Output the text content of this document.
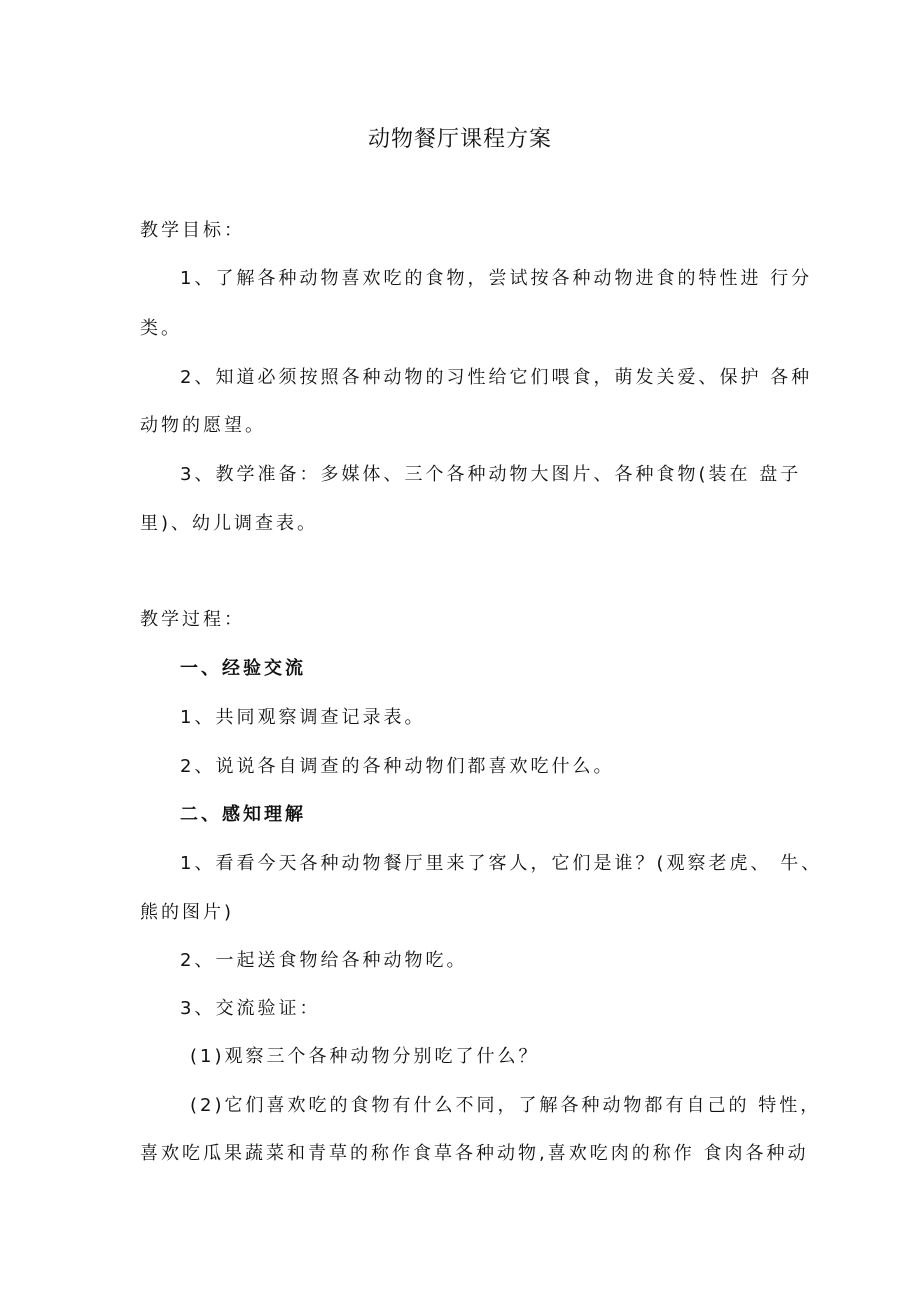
动物餐厅课程方案
教学目标：
1、了解各种动物喜欢吃的食物，尝试按各种动物进食的特性进 行分
类。
2、知道必须按照各种动物的习性给它们喂食，萌发关爱、保护 各种
动物的愿望。
3、教学准备：多媒体、三个各种动物大图片、各种食物(装在 盘子
里)、幼儿调查表。
教学过程：
一、经验交流
1、共同观察调查记录表。
2、说说各自调查的各种动物们都喜欢吃什么。
二、感知理解
1、看看今天各种动物餐厅里来了客人，它们是谁？(观察老虎、 牛、
熊的图片)
2、一起送食物给各种动物吃。
3、交流验证：
(1)观察三个各种动物分别吃了什么？
(2)它们喜欢吃的食物有什么不同，了解各种动物都有自己的 特性，
喜欢吃瓜果蔬菜和青草的称作食草各种动物,喜欢吃肉的称作 食肉各种动
